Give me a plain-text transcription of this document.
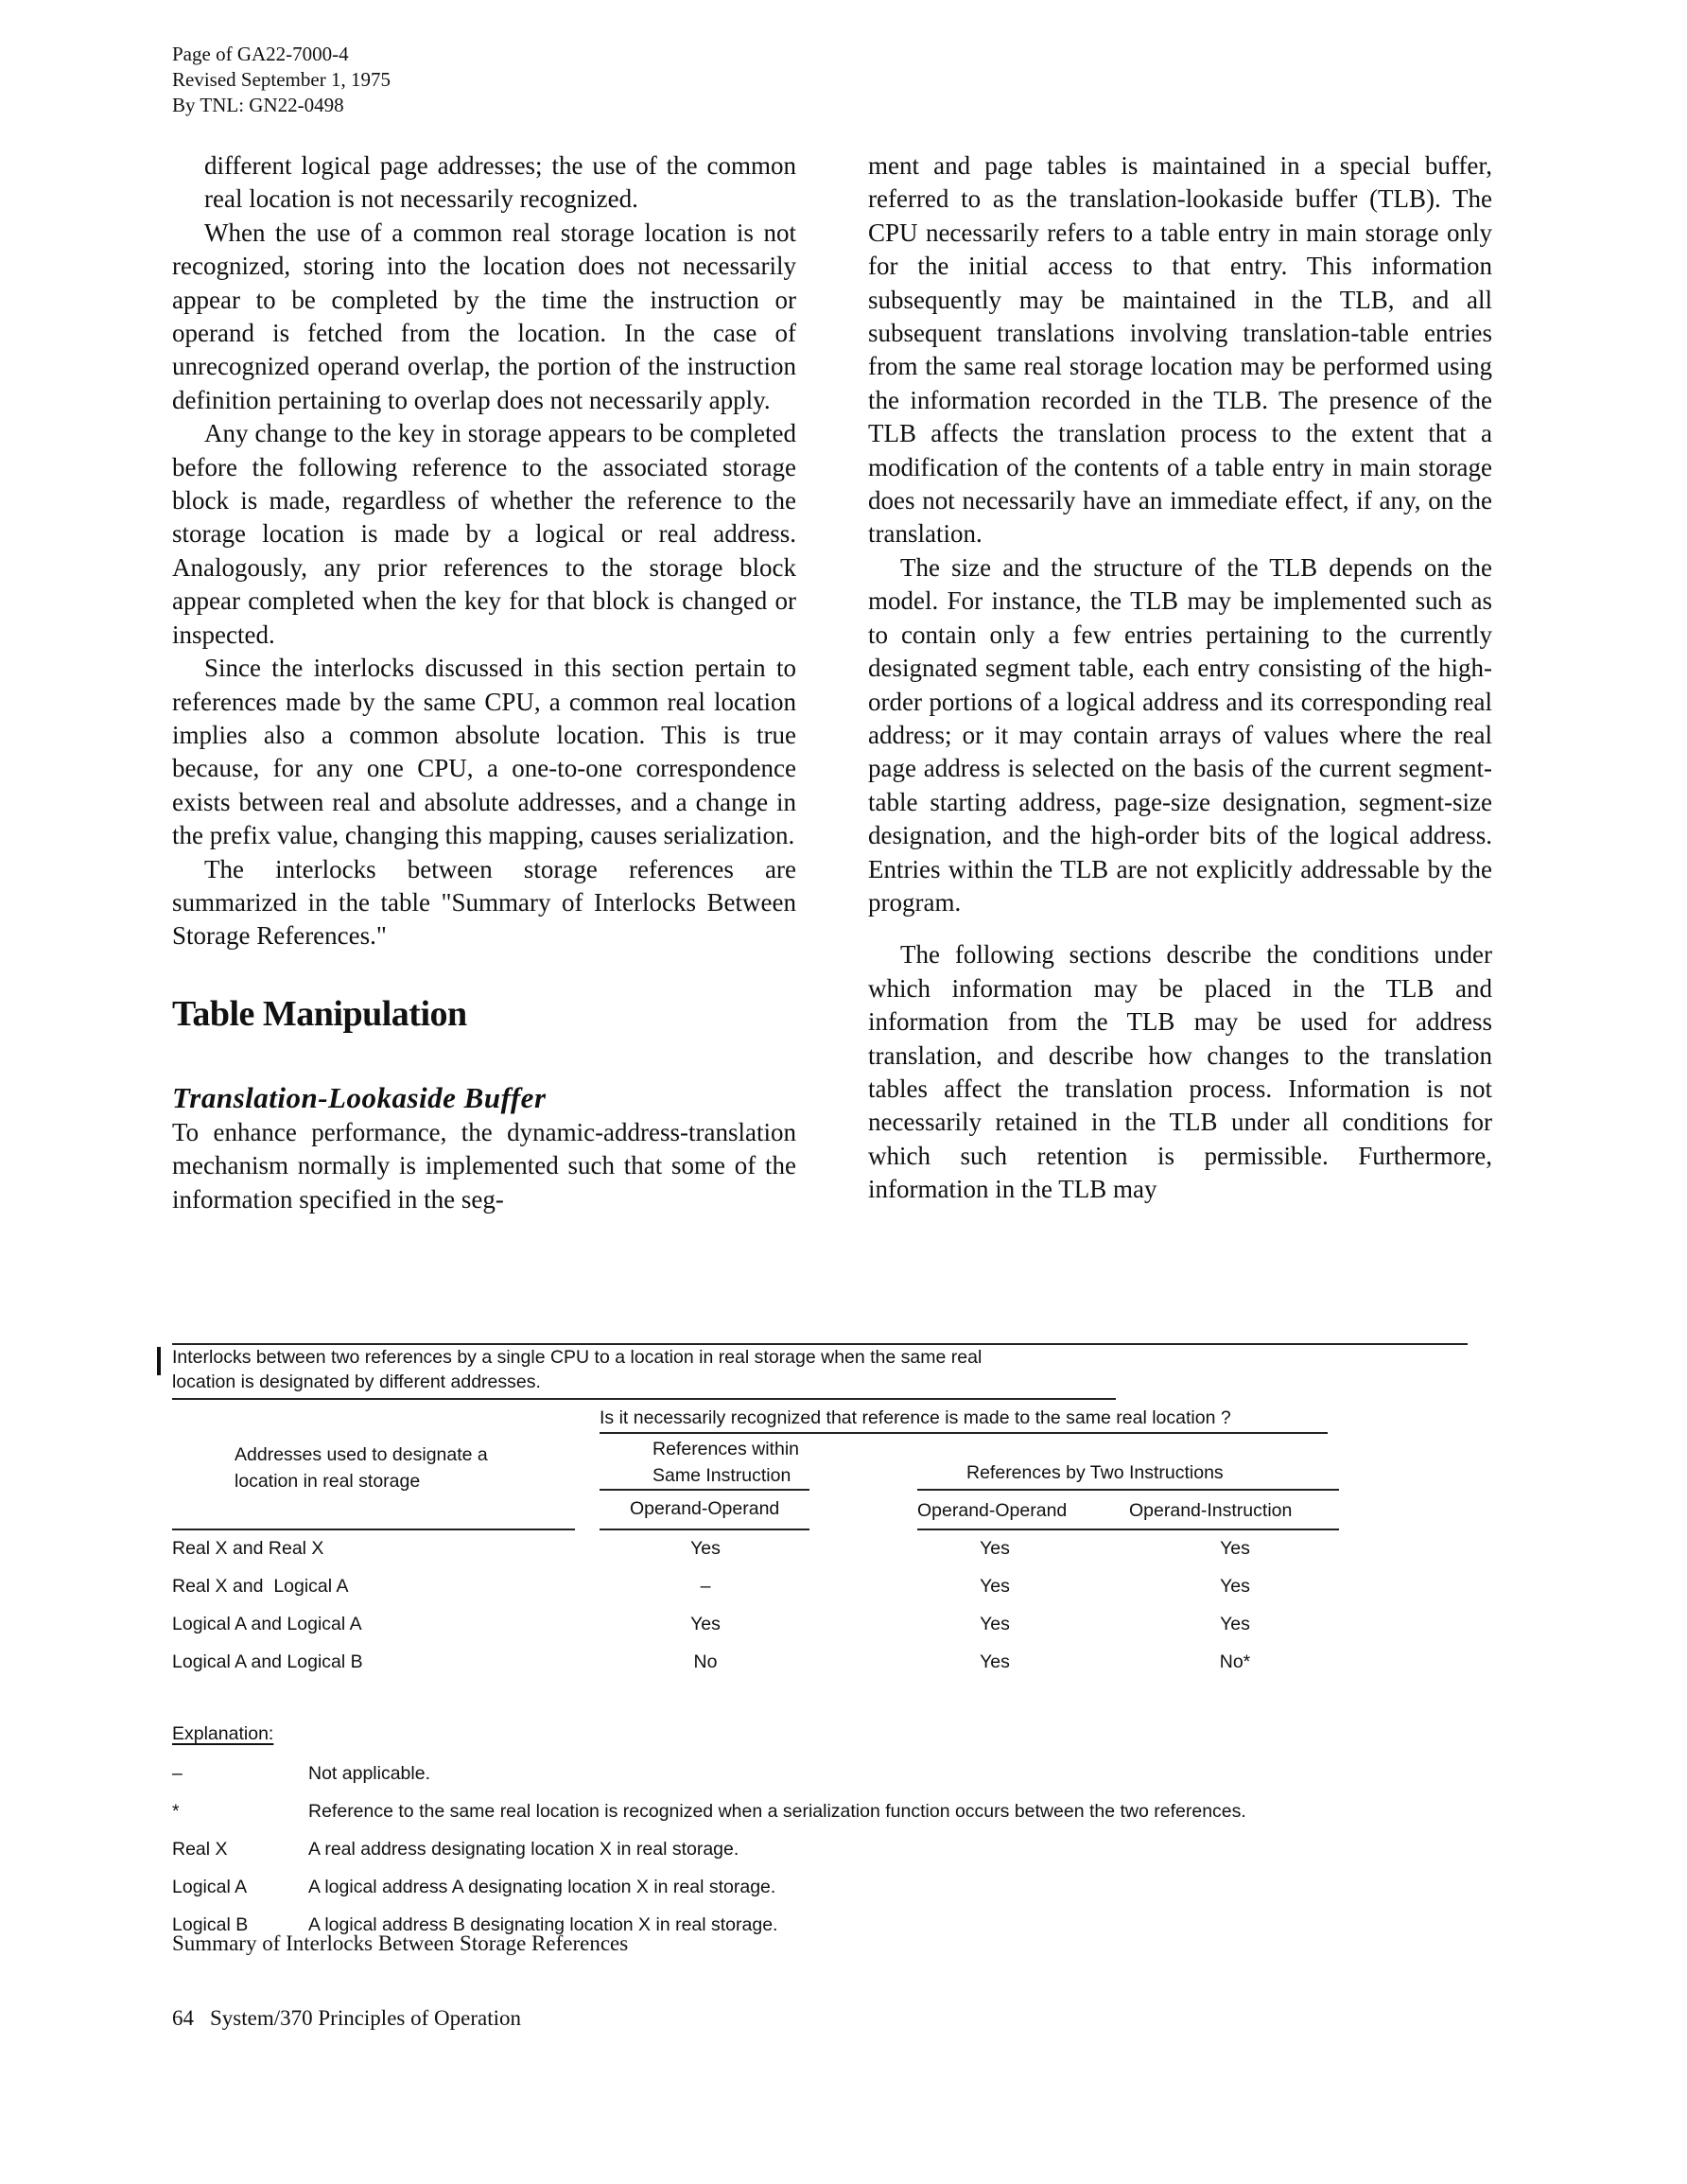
Page of GA22-7000-4
Revised September 1, 1975
By TNL: GN22-0498

different logical page addresses; the use of the common real location is not necessarily recognized.

When the use of a common real storage location is not recognized, storing into the location does not necessarily appear to be completed by the time the instruction or operand is fetched from the location. In the case of unrecognized operand overlap, the portion of the instruction definition pertaining to overlap does not necessarily apply.

Any change to the key in storage appears to be completed before the following reference to the associated storage block is made, regardless of whether the reference to the storage location is made by a logical or real address. Analogously, any prior references to the storage block appear completed when the key for that block is changed or inspected.

Since the interlocks discussed in this section pertain to references made by the same CPU, a common real location implies also a common absolute location. This is true because, for any one CPU, a one-to-one correspondence exists between real and absolute addresses, and a change in the prefix value, changing this mapping, causes serialization.

The interlocks between storage references are summarized in the table "Summary of Interlocks Between Storage References."

Table Manipulation
Translation-Lookaside Buffer

To enhance performance, the dynamic-address-translation mechanism normally is implemented such that some of the information specified in the seg-

ment and page tables is maintained in a special buffer, referred to as the translation-lookaside buffer (TLB). The CPU necessarily refers to a table entry in main storage only for the initial access to that entry. This information subsequently may be maintained in the TLB, and all subsequent translations involving translation-table entries from the same real storage location may be performed using the information recorded in the TLB. The presence of the TLB affects the translation process to the extent that a modification of the contents of a table entry in main storage does not necessarily have an immediate effect, if any, on the translation.

The size and the structure of the TLB depends on the model. For instance, the TLB may be implemented such as to contain only a few entries pertaining to the currently designated segment table, each entry consisting of the high-order portions of a logical address and its corresponding real address; or it may contain arrays of values where the real page address is selected on the basis of the current segment-table starting address, page-size designation, segment-size designation, and the high-order bits of the logical address. Entries within the TLB are not explicitly addressable by the program.

The following sections describe the conditions under which information may be placed in the TLB and information from the TLB may be used for address translation, and describe how changes to the translation tables affect the translation process. Information is not necessarily retained in the TLB under all conditions for which such retention is permissible. Furthermore, information in the TLB may

Interlocks between two references by a single CPU to a location in real storage when the same real
location is designated by different addresses.
Is it necessarily recognized that reference is made to the same real location ?
Addresses used to designate a
location in real storage
References within
Same Instruction	References by Two Instructions
Operand-Operand	Operand-Operand	Operand-Instruction
Real X and Real X	Yes	Yes	Yes
Real X and  Logical A	–	Yes	Yes
Logical A and Logical A	Yes	Yes	Yes
Logical A and Logical B	No	Yes	No*
Explanation:
–	Not applicable.
*	Reference to the same real location is recognized when a serialization function occurs between the two references.
Real X	A real address designating location X in real storage.
Logical A	A logical address A designating location X in real storage.
Logical B	A logical address B designating location X in real storage.
Summary of Interlocks Between Storage References
64 System/370 Principles of Operation
